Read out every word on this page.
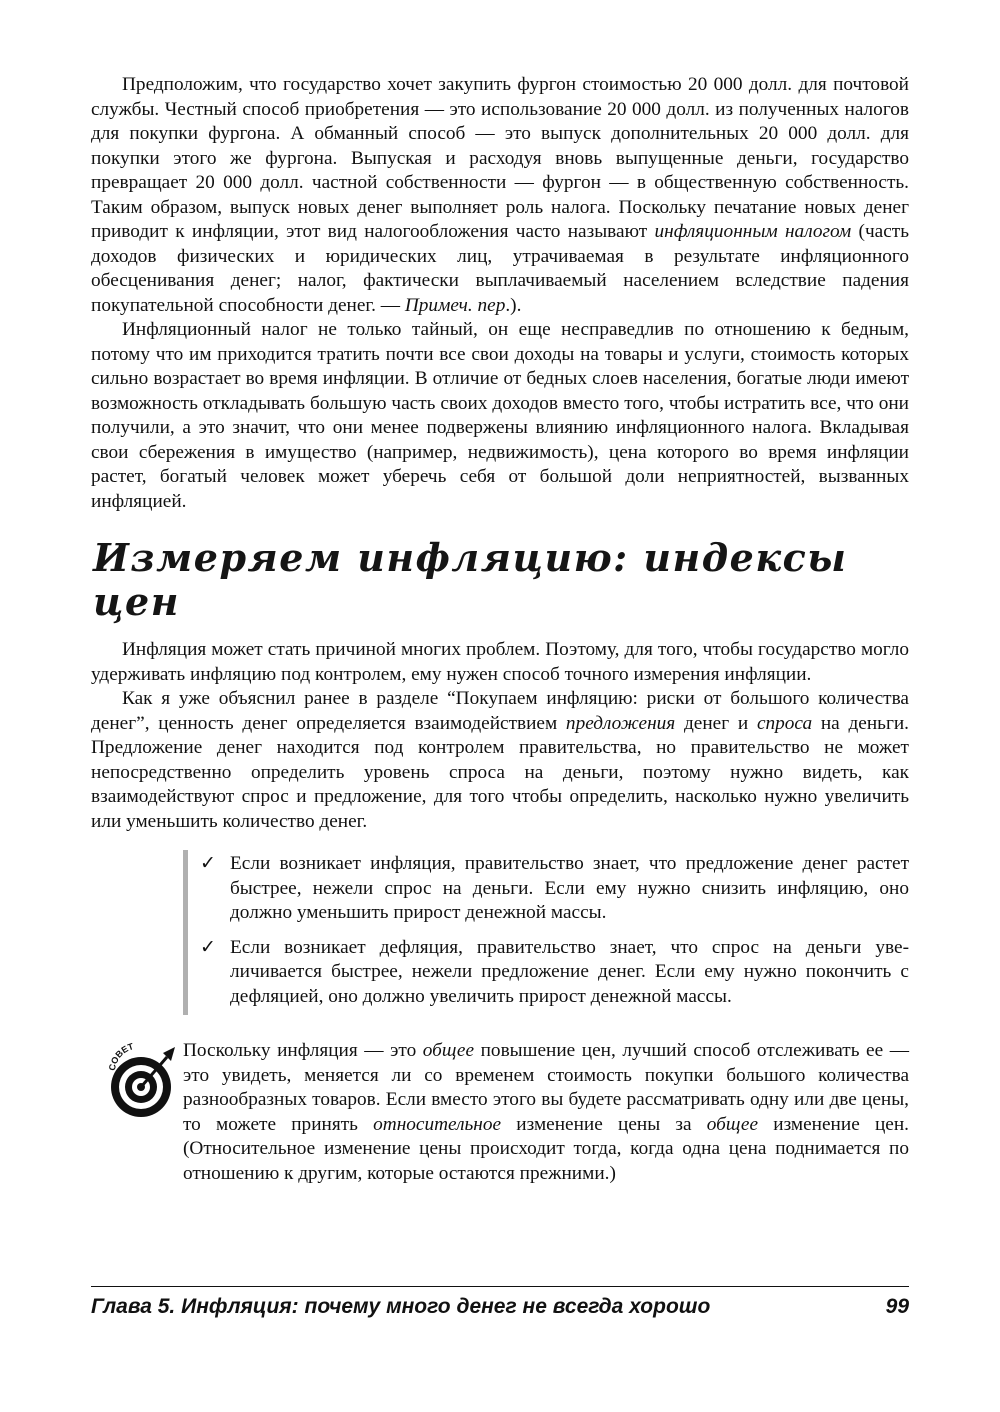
Предположим, что государство хочет закупить фургон стоимостью 20 000 долл. для почтовой службы. Честный способ приобретения — это использование 20 000 долл. из полученных налогов для покупки фургона. А обманный способ — это выпуск дополнительных 20 000 долл. для покупки этого же фургона. Выпуская и расходуя вновь выпущенные деньги, государство превращает 20 000 долл. частной собственности — фургон — в общественную собственность. Таким образом, выпуск новых денег выполняет роль налога. Поскольку печатание новых денег приводит к инфляции, этот вид налогообложения часто называют инфляционным налогом (часть доходов физических и юридических лиц, утрачиваемая в результате инфляционного обесценивания денег; налог, фактически выплачиваемый населением вследствие падения покупательной способности денег. — Примеч. пер.).

Инфляционный налог не только тайный, он еще несправедлив по отношению к бедным, потому что им приходится тратить почти все свои доходы на товары и услуги, стоимость которых сильно возрастает во время инфляции. В отличие от бедных слоев населения, богатые люди имеют возможность откладывать большую часть своих доходов вместо того, чтобы истратить все, что они получили, а это значит, что они менее подвержены влиянию инфляционного налога. Вкладывая свои сбережения в имущество (например, недвижимость), цена которого во время инфляции растет, богатый человек может уберечь себя от большой доли неприятностей, вызванных инфляцией.

Измеряем инфляцию: индексы цен

Инфляция может стать причиной многих проблем. Поэтому, для того, чтобы государство могло удерживать инфляцию под контролем, ему нужен способ точного измерения инфляции.

Как я уже объяснил ранее в разделе “Покупаем инфляцию: риски от большого количества денег”, ценность денег определяется взаимодействием предложения денег и спроса на деньги. Предложение денег находится под контролем правительства, но правительство не может непосредственно определить уровень спроса на деньги, поэтому нужно видеть, как взаимодействуют спрос и предложение, для того чтобы определить, насколько нужно увеличить или уменьшить количество денег.

✓ Если возникает инфляция, правительство знает, что предложение денег растет быстрее, нежели спрос на деньги. Если ему нужно снизить инфляцию, оно должно уменьшить прирост денежной массы.
✓ Если возникает дефляция, правительство знает, что спрос на деньги увеличивается быстрее, нежели предложение денег. Если ему нужно покончить с дефляцией, оно должно увеличить прирост денежной массы.
СОВЕТ	Поскольку инфляция — это общее повышение цен, лучший способ отслеживать ее — это увидеть, меняется ли со временем стоимость покупки большого количества разнообразных товаров. Если вместо этого вы будете рассматривать одну или две цены, то можете принять относительное изменение цены за общее изменение цен. (Относительное изменение цены происходит тогда, когда одна цена поднимается по отношению к другим, которые остаются прежними.)
Глава 5. Инфляция: почему много денег не всегда хорошо	99
